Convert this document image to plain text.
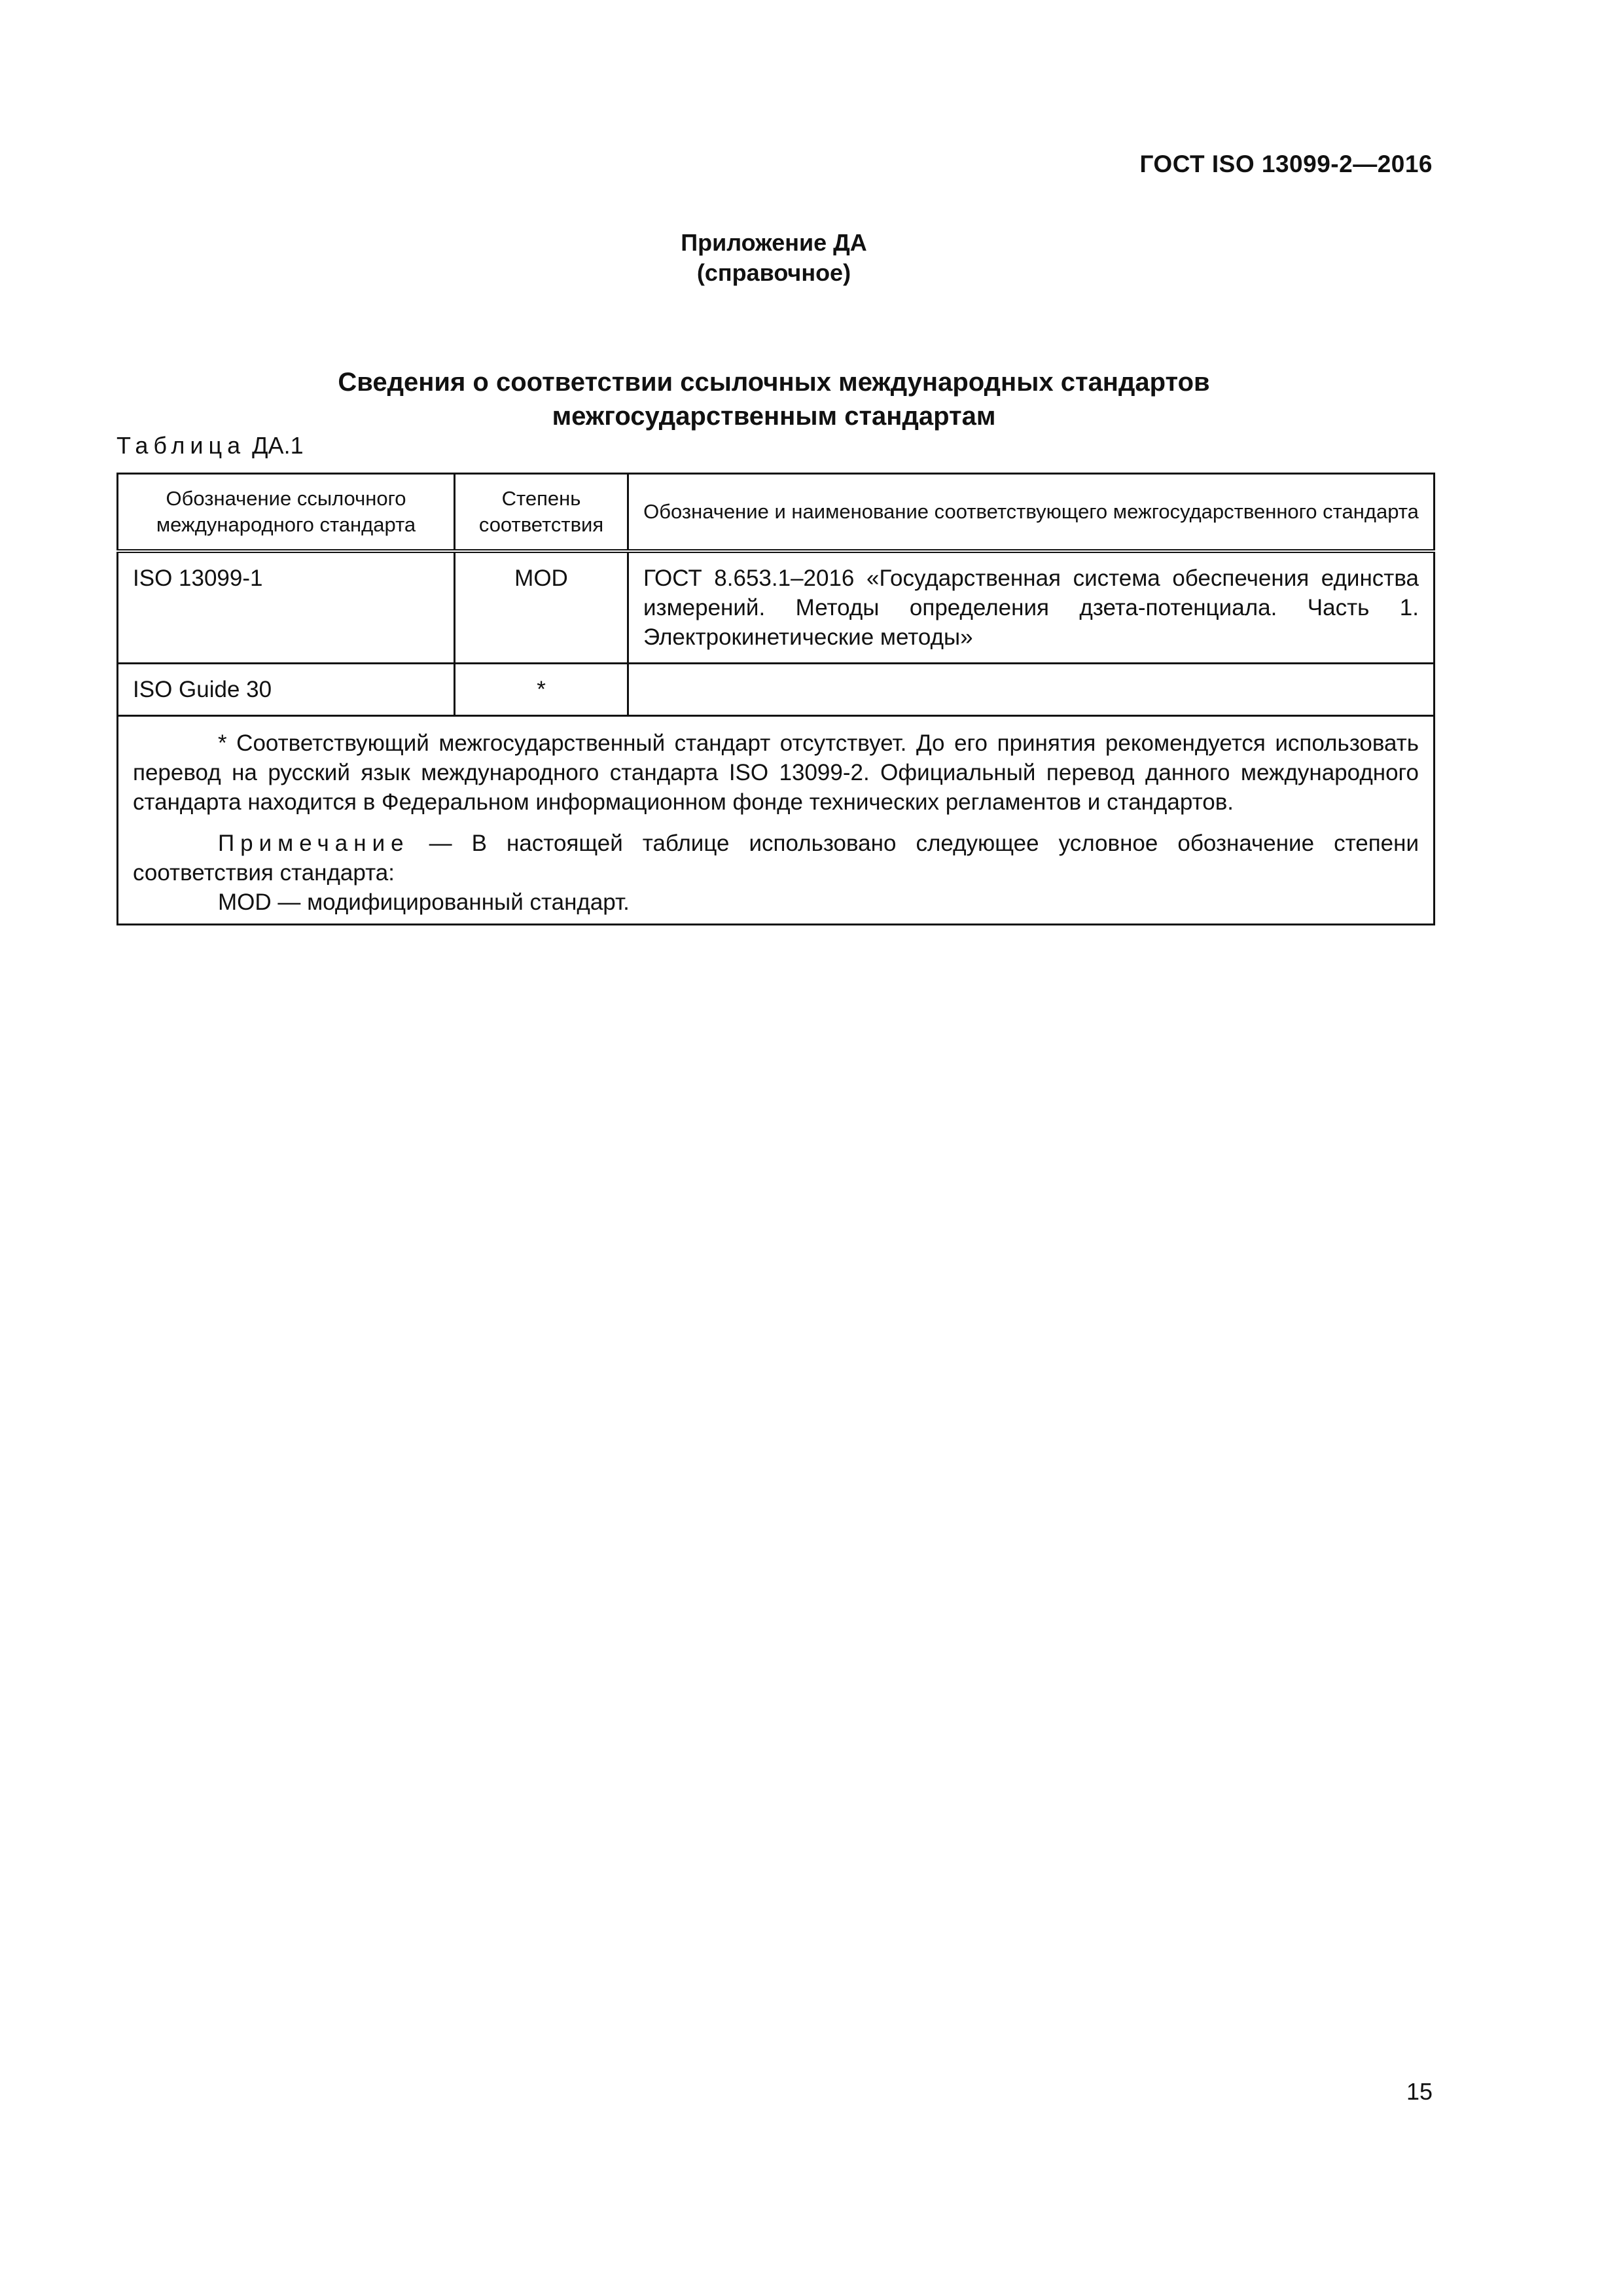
ГОСТ ISO 13099-2—2016
Приложение ДА
(справочное)
Сведения о соответствии ссылочных международных стандартов
межгосударственным стандартам
Таблица ДА.1
Обозначение ссылочного международного стандарта	Степень соответствия	Обозначение и наименование соответствующего межгосударственного стандарта
ISO 13099-1	MOD	ГОСТ 8.653.1–2016 «Государственная система обеспечения единства измерений. Методы определения дзета-потенциала. Часть 1. Электрокинетические методы»
ISO Guide 30	*	

* Соответствующий межгосударственный стандарт отсутствует. До его принятия рекомендуется использовать перевод на русский язык международного стандарта ISO 13099-2. Официальный перевод данного международного стандарта находится в Федеральном информационном фонде технических регламентов и стандартов.

Примечание — В настоящей таблице использовано следующее условное обозначение степени соответствия стандарта:

MOD — модифицированный стандарт.		

15
